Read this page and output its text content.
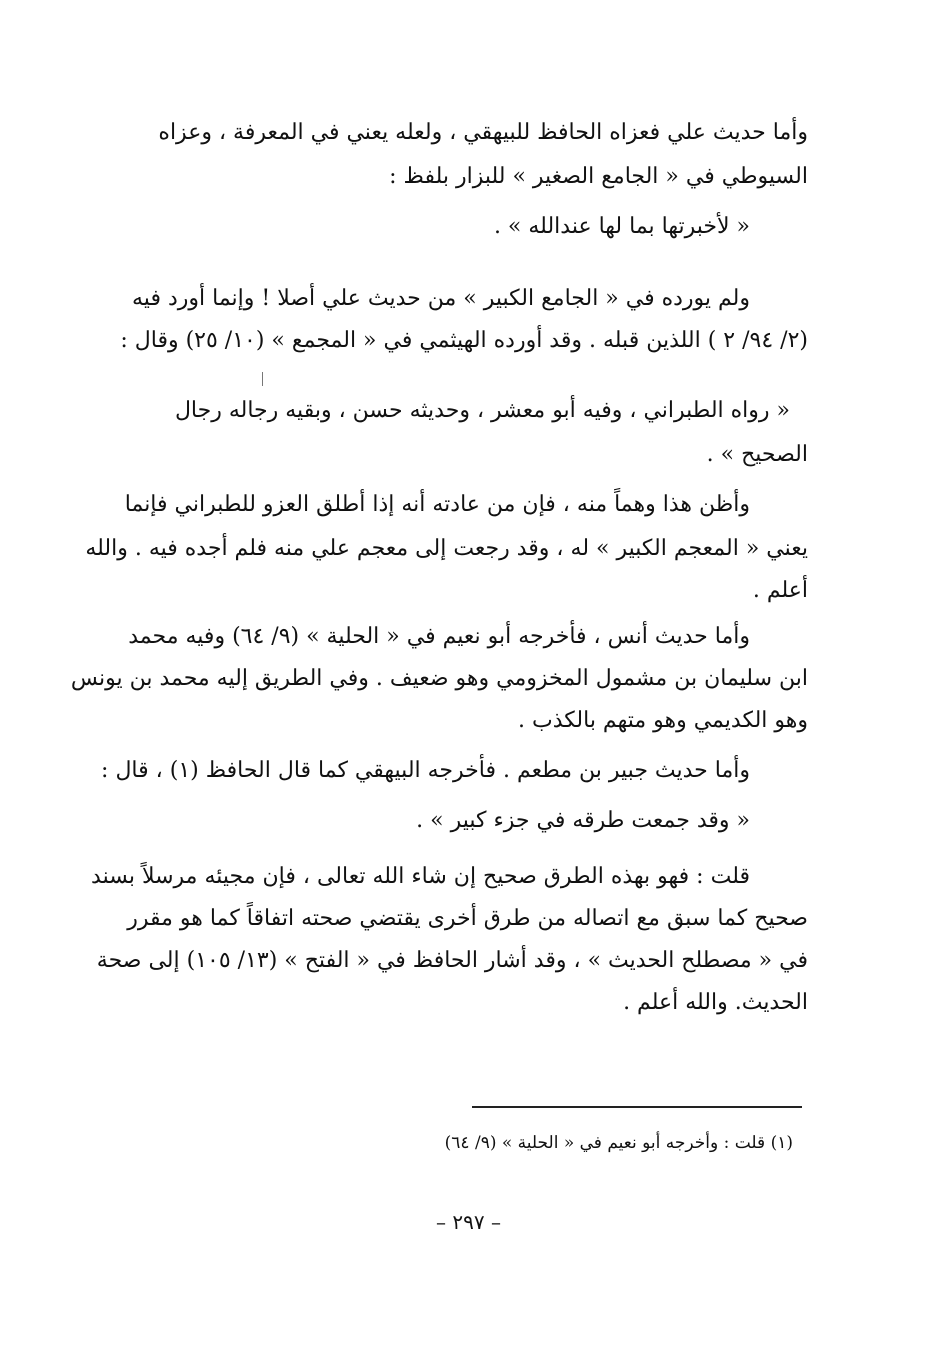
وأما حديث علي فعزاه الحافظ للبيهقي ، ولعله يعني في المعرفة ، وعزاه
السيوطي في « الجامع الصغير » للبزار بلفظ :
« لأخبرتها بما لها عندالله » .
ولم يورده في « الجامع الكبير » من حديث علي أصلا ! وإنما أورد فيه
(٢/ ٩٤/ ٢ ) اللذين قبله . وقد أورده الهيثمي في « المجمع » (١٠/ ٢٥) وقال :
« رواه الطبراني ، وفيه أبو معشر ، وحديثه حسن ، وبقيه رجاله رجال
الصحيح » .
وأظن هذا وهماً منه ، فإن من عادته أنه إذا أطلق العزو للطبراني فإنما
يعني « المعجم الكبير » له ، وقد رجعت إلى معجم علي منه فلم أجده فيه . والله
أعلم .
وأما حديث أنس ، فأخرجه أبو نعيم في « الحلية » (٩/ ٦٤) وفيه محمد
ابن سليمان بن مشمول المخزومي وهو ضعيف . وفي الطريق إليه محمد بن يونس
وهو الكديمي وهو متهم بالكذب .
وأما حديث جبير بن مطعم . فأخرجه البيهقي كما قال الحافظ (١) ، قال :
« وقد جمعت طرقه في جزء كبير » .
قلت : فهو بهذه الطرق صحيح إن شاء الله تعالى ، فإن مجيئه مرسلاً بسند
صحيح كما سبق مع اتصاله من طرق أخرى يقتضي صحته اتفاقاً كما هو مقرر
في « مصطلح الحديث » ، وقد أشار الحافظ في « الفتح » (١٣/ ١٠٥) إلى صحة
الحديث. والله أعلم .
(١) قلت : وأخرجه أبو نعيم في « الحلية » (٩/ ٦٤)
– ٢٩٧ –
